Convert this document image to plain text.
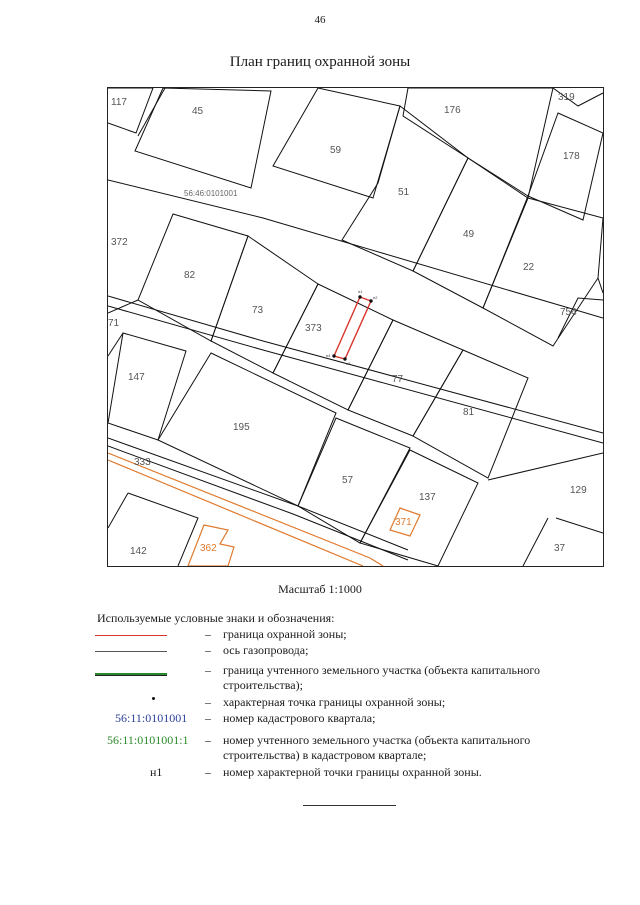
46
План границ охранной зоны
56:46:0101001
117
45	176
319
178
59
51
372
49
22
82
73
373
71
754
147	77
81
195
333
57
137
129
371
142	362	37
н1
н2
н3
н4
Масштаб 1:1000
Используемые условные знаки и обозначения:
– граница охранной зоны;
– ось газопровода;
– граница учтенного земельного участка (объекта капитального строительства);
– характерная точка границы охранной зоны;
56:11:0101001 – номер кадастрового квартала;
56:11:0101001:1 – номер учтенного земельного участка (объекта капитального строительства) в кадастровом квартале;
н1	– номер характерной точки границы охранной зоны.
